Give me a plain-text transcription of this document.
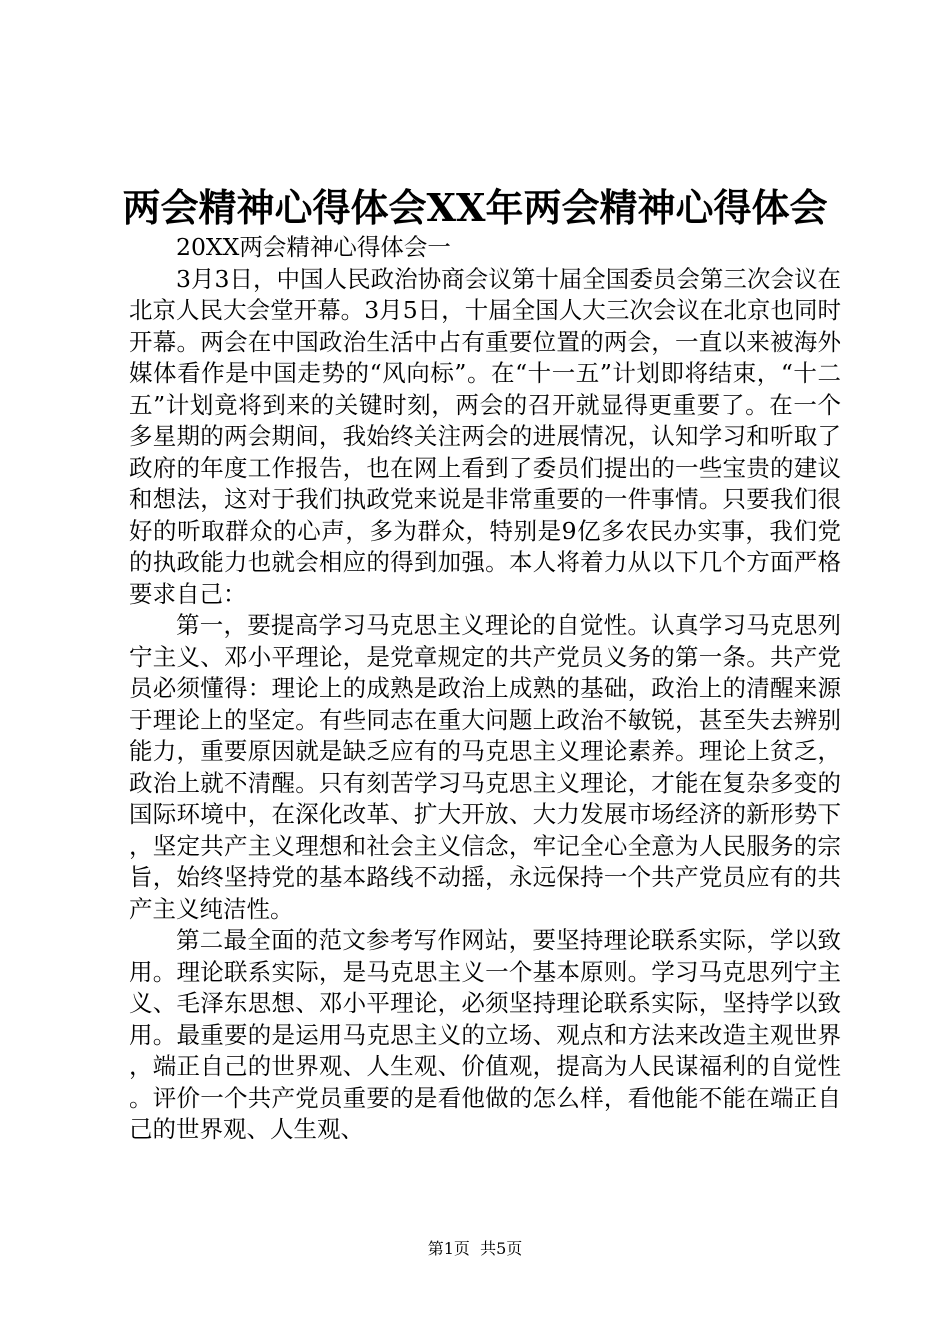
两会精神心得体会XX年两会精神心得体会

20XX两会精神心得体会一

3月3日，中国人民政治协商会议第十届全国委员会第三次会议在北京人民大会堂开幕。3月5日，十届全国人大三次会议在北京也同时开幕。两会在中国政治生活中占有重要位置的两会，一直以来被海外媒体看作是中国走势的“风向标”。在“十一五”计划即将结束，“十二五”计划竟将到来的关键时刻，两会的召开就显得更重要了。在一个多星期的两会期间，我始终关注两会的进展情况，认知学习和听取了政府的年度工作报告，也在网上看到了委员们提出的一些宝贵的建议和想法，这对于我们执政党来说是非常重要的一件事情。只要我们很好的听取群众的心声，多为群众，特别是9亿多农民办实事，我们党的执政能力也就会相应的得到加强。本人将着力从以下几个方面严格要求自己：

第一，要提高学习马克思主义理论的自觉性。认真学习马克思列宁主义、邓小平理论，是党章规定的共产党员义务的第一条。共产党员必须懂得：理论上的成熟是政治上成熟的基础，政治上的清醒来源于理论上的坚定。有些同志在重大问题上政治不敏锐，甚至失去辨别能力，重要原因就是缺乏应有的马克思主义理论素养。理论上贫乏，政治上就不清醒。只有刻苦学习马克思主义理论，才能在复杂多变的国际环境中，在深化改革、扩大开放、大力发展市场经济的新形势下，坚定共产主义理想和社会主义信念，牢记全心全意为人民服务的宗旨，始终坚持党的基本路线不动摇，永远保持一个共产党员应有的共产主义纯洁性。

第二最全面的范文参考写作网站，要坚持理论联系实际，学以致用。理论联系实际，是马克思主义一个基本原则。学习马克思列宁主义、毛泽东思想、邓小平理论，必须坚持理论联系实际，坚持学以致用。最重要的是运用马克思主义的立场、观点和方法来改造主观世界，端正自己的世界观、人生观、价值观，提高为人民谋福利的自觉性。评价一个共产党员重要的是看他做的怎么样，看他能不能在端正自己的世界观、人生观、

第1页  共5页
